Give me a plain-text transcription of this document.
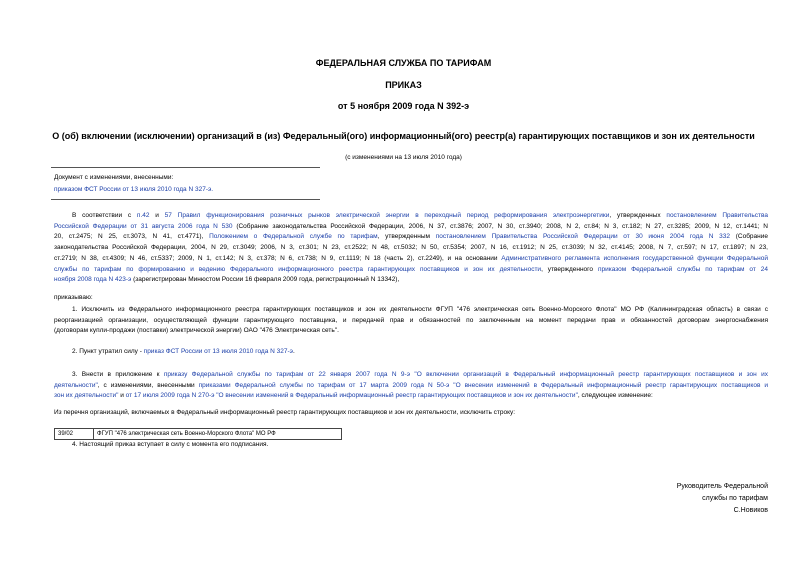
ФЕДЕРАЛЬНАЯ СЛУЖБА ПО ТАРИФАМ
ПРИКАЗ
от 5 ноября 2009 года N 392-э
О (об) включении (исключении) организаций в (из) Федеральный(ого) информационный(ого) реестр(а) гарантирующих поставщиков и зон их деятельности
(с изменениями на 13 июля 2010 года)
Документ с изменениями, внесенными:
приказом ФСТ России от 13 июля 2010 года N 327-э.
В соответствии с п.42 и 57 Правил функционирования розничных рынков электрической энергии в переходный период реформирования электроэнергетики, утвержденных постановлением Правительства
Российской Федерации от 31 августа 2006 года N 530 (Собрание законодательства Российской Федерации, 2006, N 37, ст.3876; 2007, N 30, ст.3940; 2008, N 2, ст.84; N 3, ст.182; N 27, ст.3285; 2009, N 12, ст.1441; N
20, ст.2475; N 25, ст.3073, N 41, ст.4771), Положением о Федеральной службе по тарифам, утвержденным постановлением Правительства Российской Федерации от 30 июня 2004 года N 332 (Собрание
законодательства Российской Федерации, 2004, N 29, ст.3049; 2006, N 3, ст.301; N 23, ст.2522; N 48, ст.5032; N 50, ст.5354; 2007, N 16, ст.1912; N 25, ст.3039; N 32, ст.4145; 2008, N 7, ст.597; N 17, ст.1897; N 23,
ст.2719; N 38, ст.4309; N 46, ст.5337; 2009, N 1, ст.142; N 3, ст.378; N 6, ст.738; N 9, ст.1119; N 18 (часть 2), ст.2249), и на основании Административного регламента исполнения государственной функции Федеральной
службы по тарифам по формированию и ведению Федерального информационного реестра гарантирующих поставщиков и зон их деятельности, утвержденного приказом Федеральной службы по тарифам от 24
ноября 2008 года N 423-э (зарегистрирован Минюстом России 16 февраля 2009 года, регистрационный N 13342),
приказываю:
1. Исключить из Федерального информационного реестра гарантирующих поставщиков и зон их деятельности ФГУП "476 электрическая сеть Военно-Морского Флота" МО РФ (Калининградская область) в связи с
реорганизацией организации, осуществляющей функции гарантирующего поставщика, и передачей прав и обязанностей по заключенным на момент передачи прав и обязанностей договорам энергоснабжения
(договорам купли-продажи (поставки) электрической энергии) ОАО "476 Электрическая сеть".
2. Пункт утратил силу - приказ ФСТ России от 13 июля 2010 года N 327-э.
3. Внести в приложение к приказу Федеральной службы по тарифам от 22 января 2007 года N 9-э "О включении организаций в Федеральный информационный реестр гарантирующих поставщиков и зон их
деятельности", с изменениями, внесенными приказами Федеральной службы по тарифам от 17 марта 2009 года N 50-э "О внесении изменений в Федеральный информационный реестр гарантирующих поставщиков и
зон их деятельности" и от 17 июля 2009 года N 270-э "О внесении изменений в Федеральный информационный реестр гарантирующих поставщиков и зон их деятельности", следующее изменение:
Из перечня организаций, включаемых в Федеральный информационный реестр гарантирующих поставщиков и зон их деятельности, исключить строку:
39/02	ФГУП "476 электрическая сеть Военно-Морского Флота" МО РФ
4. Настоящий приказ вступает в силу с момента его подписания.
Руководитель Федеральной
службы по тарифам
С.Новиков
